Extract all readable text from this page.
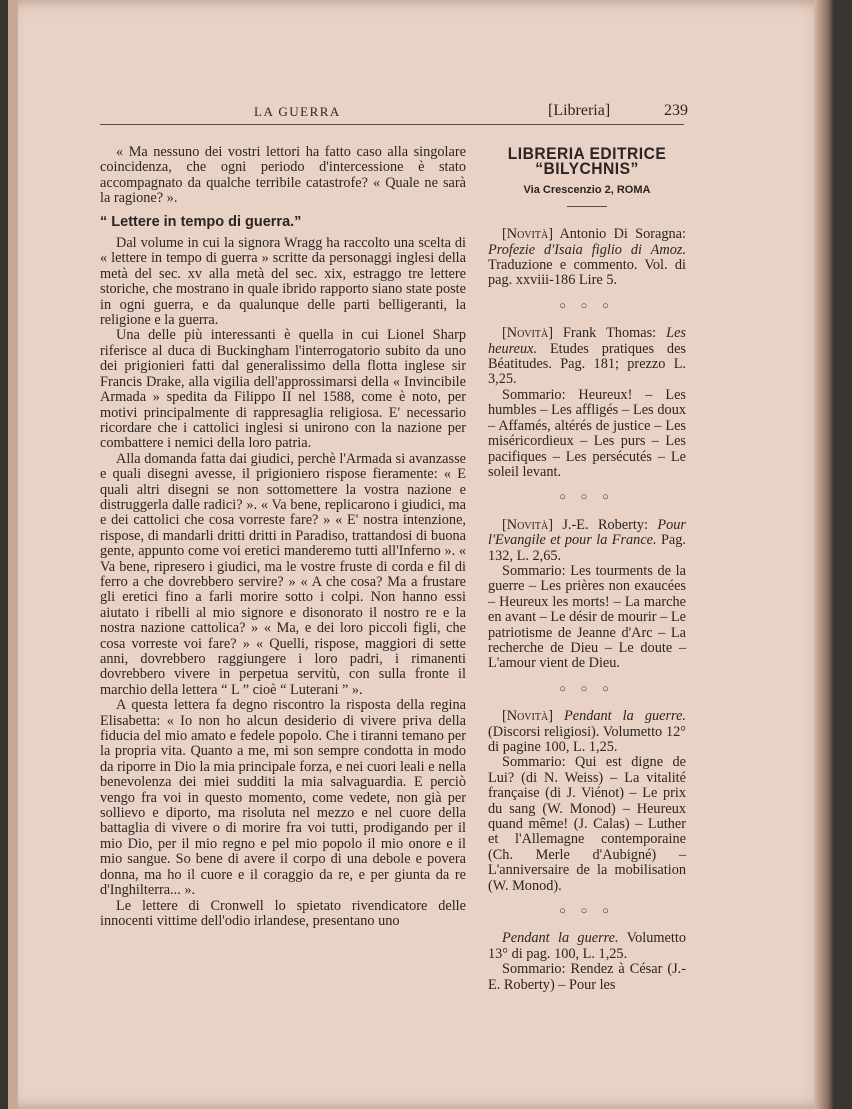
LA GUERRA	[Libreria]	239

« Ma nessuno dei vostri lettori ha fatto caso alla singolare coincidenza, che ogni periodo d'intercessione è stato accompagnato da qualche terribile catastrofe? « Quale ne sarà la ragione? ».

“ Lettere in tempo di guerra.”

Dal volume in cui la signora Wragg ha raccolto una scelta di « lettere in tempo di guerra » scritte da personaggi inglesi della metà del sec. xv alla metà del sec. xix, estraggo tre lettere storiche, che mostrano in quale ibrido rapporto siano state poste in ogni guerra, e da qualunque delle parti belligeranti, la religione e la guerra.

Una delle più interessanti è quella in cui Lionel Sharp riferisce al duca di Buckingham l'interrogatorio subito da uno dei prigionieri fatti dal generalissimo della flotta inglese sir Francis Drake, alla vigilia dell'approssimarsi della « Invincibile Armada » spedita da Filippo II nel 1588, come è noto, per motivi principalmente di rappresaglia religiosa. E' necessario ricordare che i cattolici inglesi si unirono con la nazione per combattere i nemici della loro patria.

Alla domanda fatta dai giudici, perchè l'Armada si avanzasse e quali disegni avesse, il prigioniero rispose fieramente: « E quali altri disegni se non sottomettere la vostra nazione e distruggerla dalle radici? ». « Va bene, replicarono i giudici, ma e dei cattolici che cosa vorreste fare? » « E' nostra intenzione, rispose, di mandarli dritti dritti in Paradiso, trattandosi di buona gente, appunto come voi eretici manderemo tutti all'Inferno ». « Va bene, ripresero i giudici, ma le vostre fruste di corda e fil di ferro a che dovrebbero servire? » « A che cosa? Ma a frustare gli eretici fino a farli morire sotto i colpi. Non hanno essi aiutato i ribelli al mio signore e disonorato il nostro re e la nostra nazione cattolica? » « Ma, e dei loro piccoli figli, che cosa vorreste voi fare? » « Quelli, rispose, maggiori di sette anni, dovrebbero raggiungere i loro padri, i rimanenti dovrebbero vivere in perpetua servitù, con sulla fronte il marchio della lettera “ L ” cioè “ Luterani ” ».

A questa lettera fa degno riscontro la risposta della regina Elisabetta: « Io non ho alcun desiderio di vivere priva della fiducia del mio amato e fedele popolo. Che i tiranni temano per la propria vita. Quanto a me, mi son sempre condotta in modo da riporre in Dio la mia principale forza, e nei cuori leali e nella benevolenza dei miei sudditi la mia salvaguardia. E perciò vengo fra voi in questo momento, come vedete, non già per sollievo e diporto, ma risoluta nel mezzo e nel cuore della battaglia di vivere o di morire fra voi tutti, prodigando per il mio Dio, per il mio regno e pel mio popolo il mio onore e il mio sangue. So bene di avere il corpo di una debole e povera donna, ma ho il cuore e il coraggio da re, e per giunta da re d'Inghilterra... ».

Le lettere di Cronwell lo spietato rivendicatore delle innocenti vittime dell'odio irlandese, presentano uno

LIBRERIA EDITRICE “BILYCHNIS”

Via Crescenzio 2, ROMA

[Novità] Antonio Di Soragna: Profezie d'Isaia figlio di Amoz. Traduzione e commento. Vol. di pag. xxviii-186 Lire 5.

○ ○ ○

[Novità] Frank Thomas: Les heureux. Etudes pratiques des Béatitudes. Pag. 181; prezzo L. 3,25.

Sommario: Heureux! – Les humbles – Les affligés – Les doux – Affamés, altérés de justice – Les miséricordieux – Les purs – Les pacifiques – Les persécutés – Le soleil levant.

○ ○ ○

[Novità] J.-E. Roberty: Pour l'Evangile et pour la France. Pag. 132, L. 2,65.

Sommario: Les tourments de la guerre – Les prières non exaucées – Heureux les morts! – La marche en avant – Le désir de mourir – Le patriotisme de Jeanne d'Arc – La recherche de Dieu – Le doute – L'amour vient de Dieu.

○ ○ ○

[Novità] Pendant la guerre. (Discorsi religiosi). Volumetto 12° di pagine 100, L. 1,25.

Sommario: Qui est digne de Lui? (di N. Weiss) – La vitalité française (di J. Viénot) – Le prix du sang (W. Monod) – Heureux quand même! (J. Calas) – Luther et l'Allemagne contemporaine (Ch. Merle d'Aubigné) – L'anniversaire de la mobilisation (W. Monod).

○ ○ ○

Pendant la guerre. Volumetto 13° di pag. 100, L. 1,25.

Sommario: Rendez à César (J.-E. Roberty) – Pour les
